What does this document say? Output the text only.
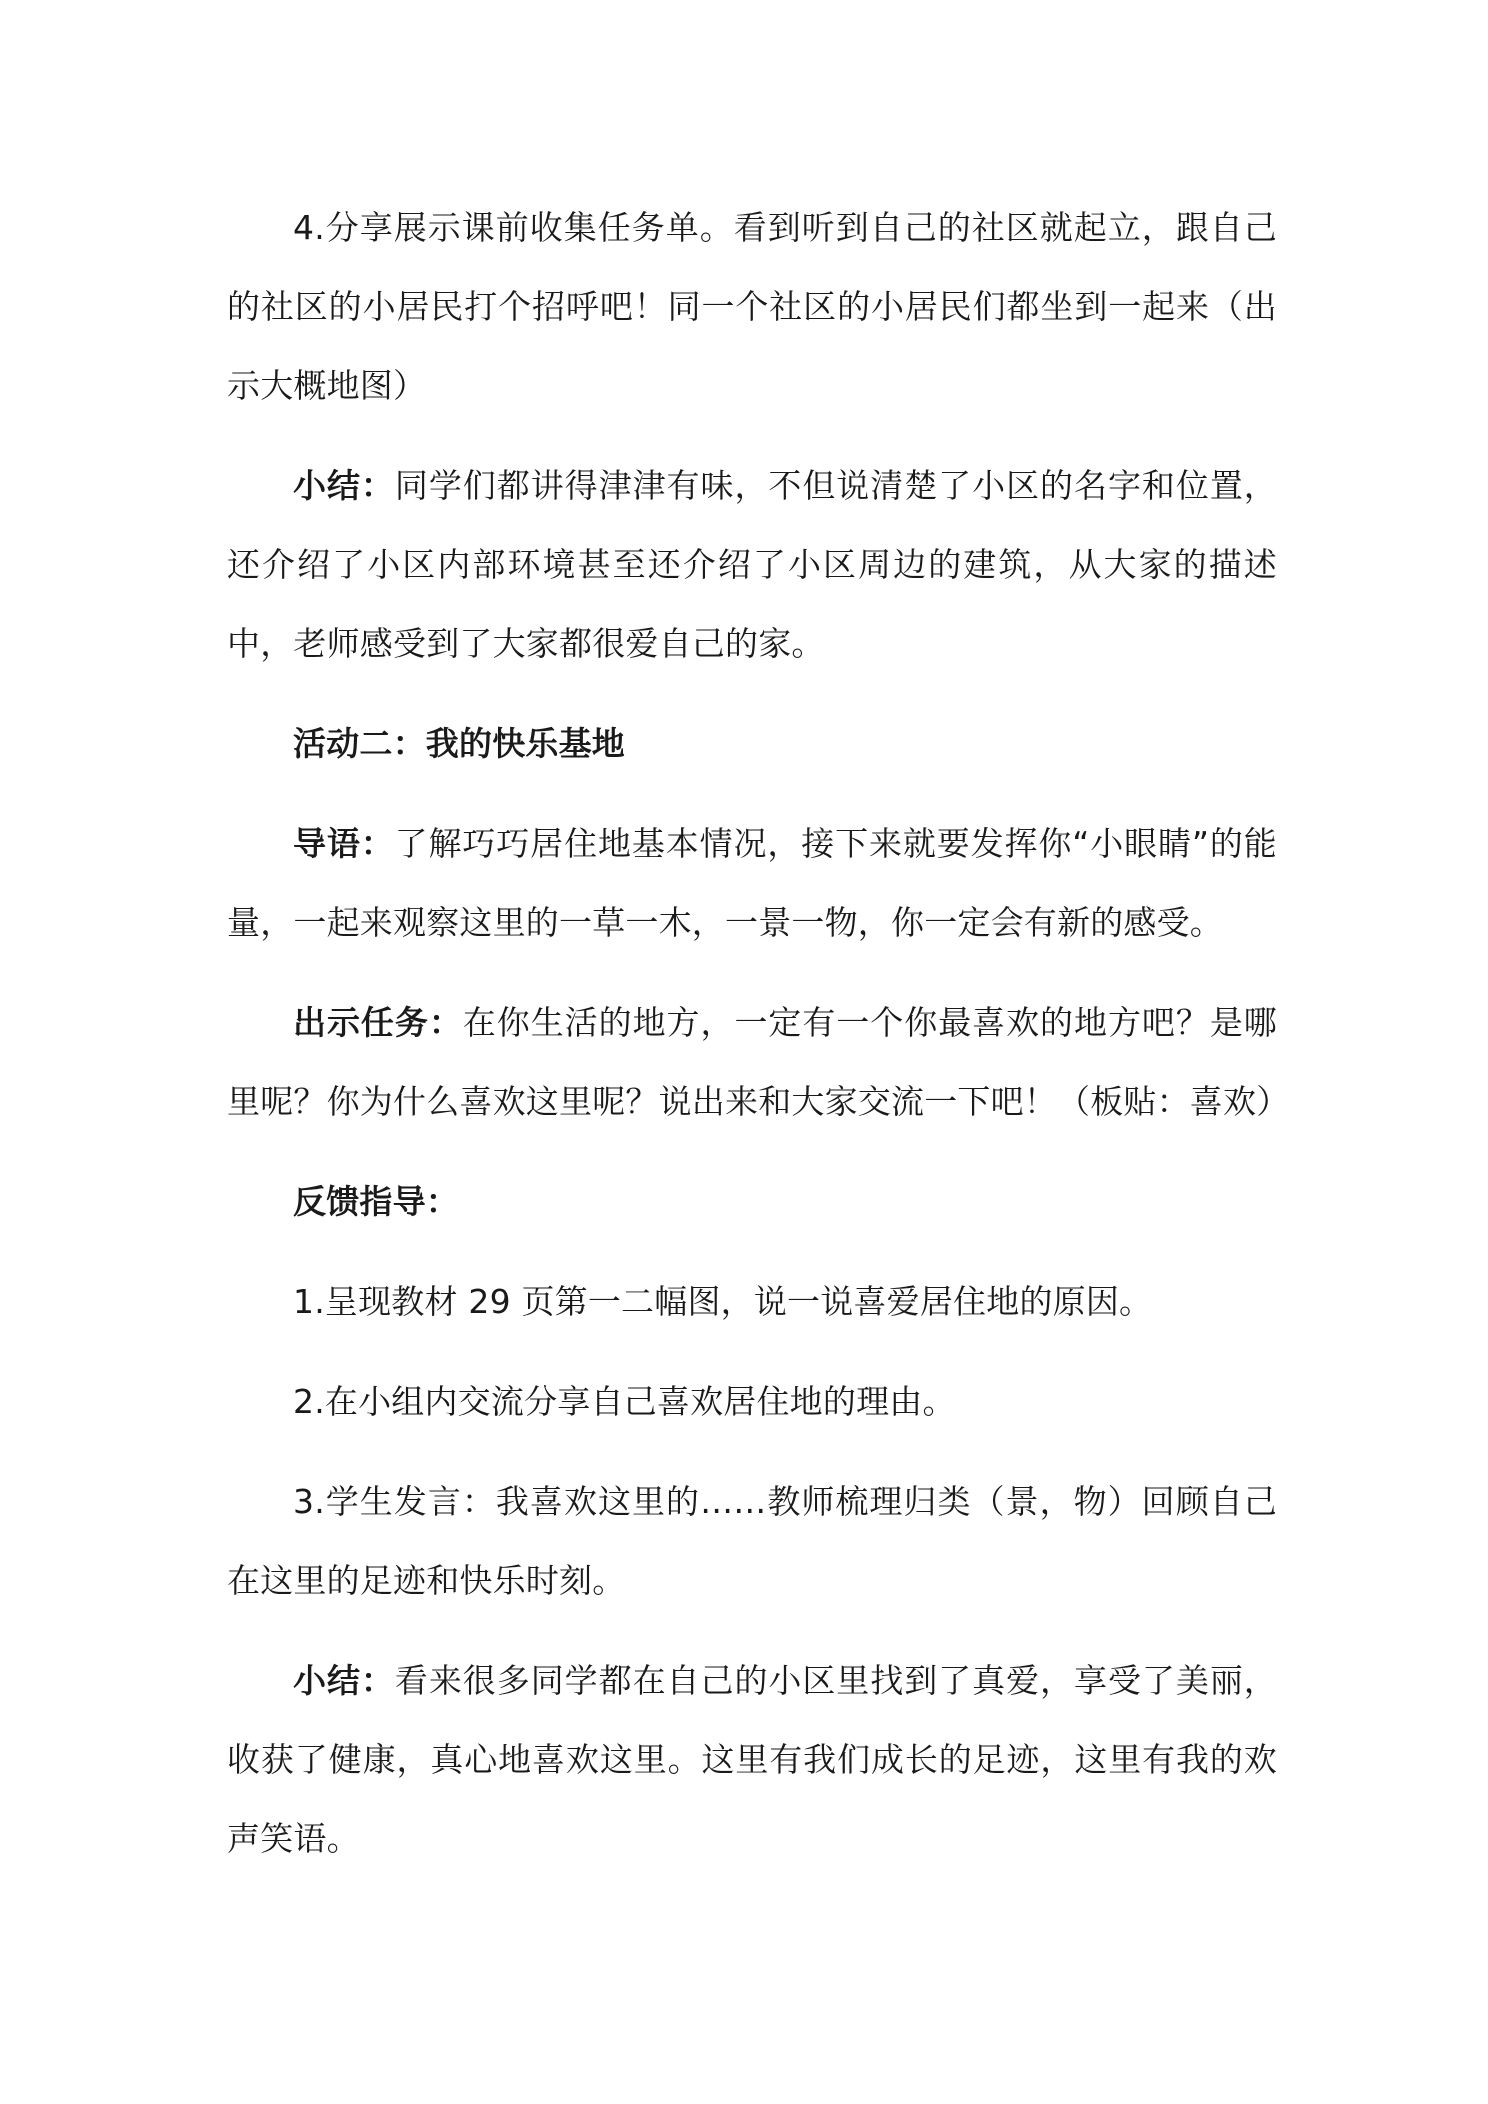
4.分享展示课前收集任务单。看到听到自己的社区就起立，跟自己的社区的小居民打个招呼吧！同一个社区的小居民们都坐到一起来（出示大概地图）

小结：同学们都讲得津津有味，不但说清楚了小区的名字和位置，还介绍了小区内部环境甚至还介绍了小区周边的建筑，从大家的描述中，老师感受到了大家都很爱自己的家。

活动二：我的快乐基地

导语：了解巧巧居住地基本情况，接下来就要发挥你“小眼睛”的能量，一起来观察这里的一草一木，一景一物，你一定会有新的感受。

出示任务：在你生活的地方，一定有一个你最喜欢的地方吧？是哪里呢？你为什么喜欢这里呢？说出来和大家交流一下吧！（板贴：喜欢）

反馈指导：

1.呈现教材 29 页第一二幅图，说一说喜爱居住地的原因。

2.在小组内交流分享自己喜欢居住地的理由。

3.学生发言：我喜欢这里的……教师梳理归类（景，物）回顾自己在这里的足迹和快乐时刻。

小结：看来很多同学都在自己的小区里找到了真爱，享受了美丽，收获了健康，真心地喜欢这里。这里有我们成长的足迹，这里有我的欢声笑语。
